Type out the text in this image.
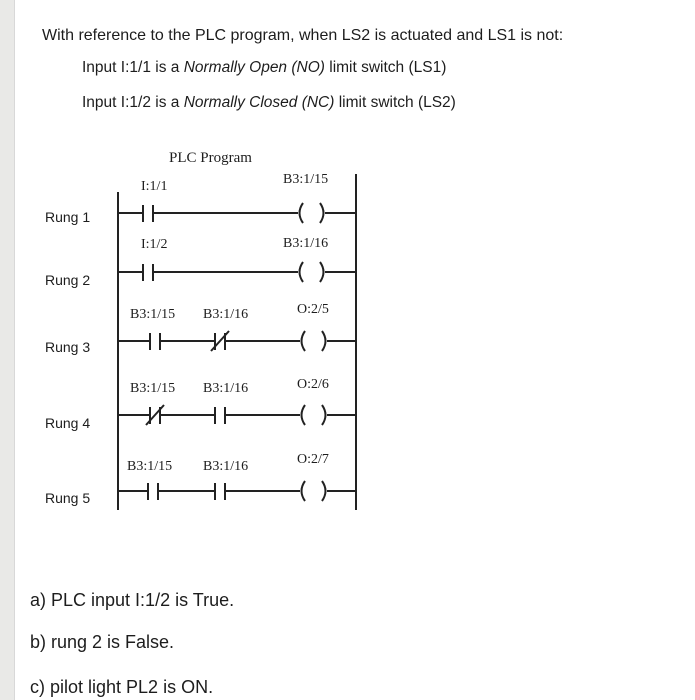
With reference to the PLC program, when LS2 is actuated and LS1 is not:
Input I:1/1 is a Normally Open (NO) limit switch (LS1)
Input I:1/2 is a Normally Closed (NC) limit switch (LS2)
PLC Program
Rung 1
I:1/1	B3:1/15
Rung 2
I:1/2	B3:1/16
Rung 3
B3:1/15 B3:1/16	O:2/5
Rung 4
B3:1/15 B3:1/16	O:2/6
Rung 5
B3:1/15 B3:1/16	O:2/7
a) PLC input I:1/2 is True.
b) rung 2 is False.
c) pilot light PL2 is ON.
